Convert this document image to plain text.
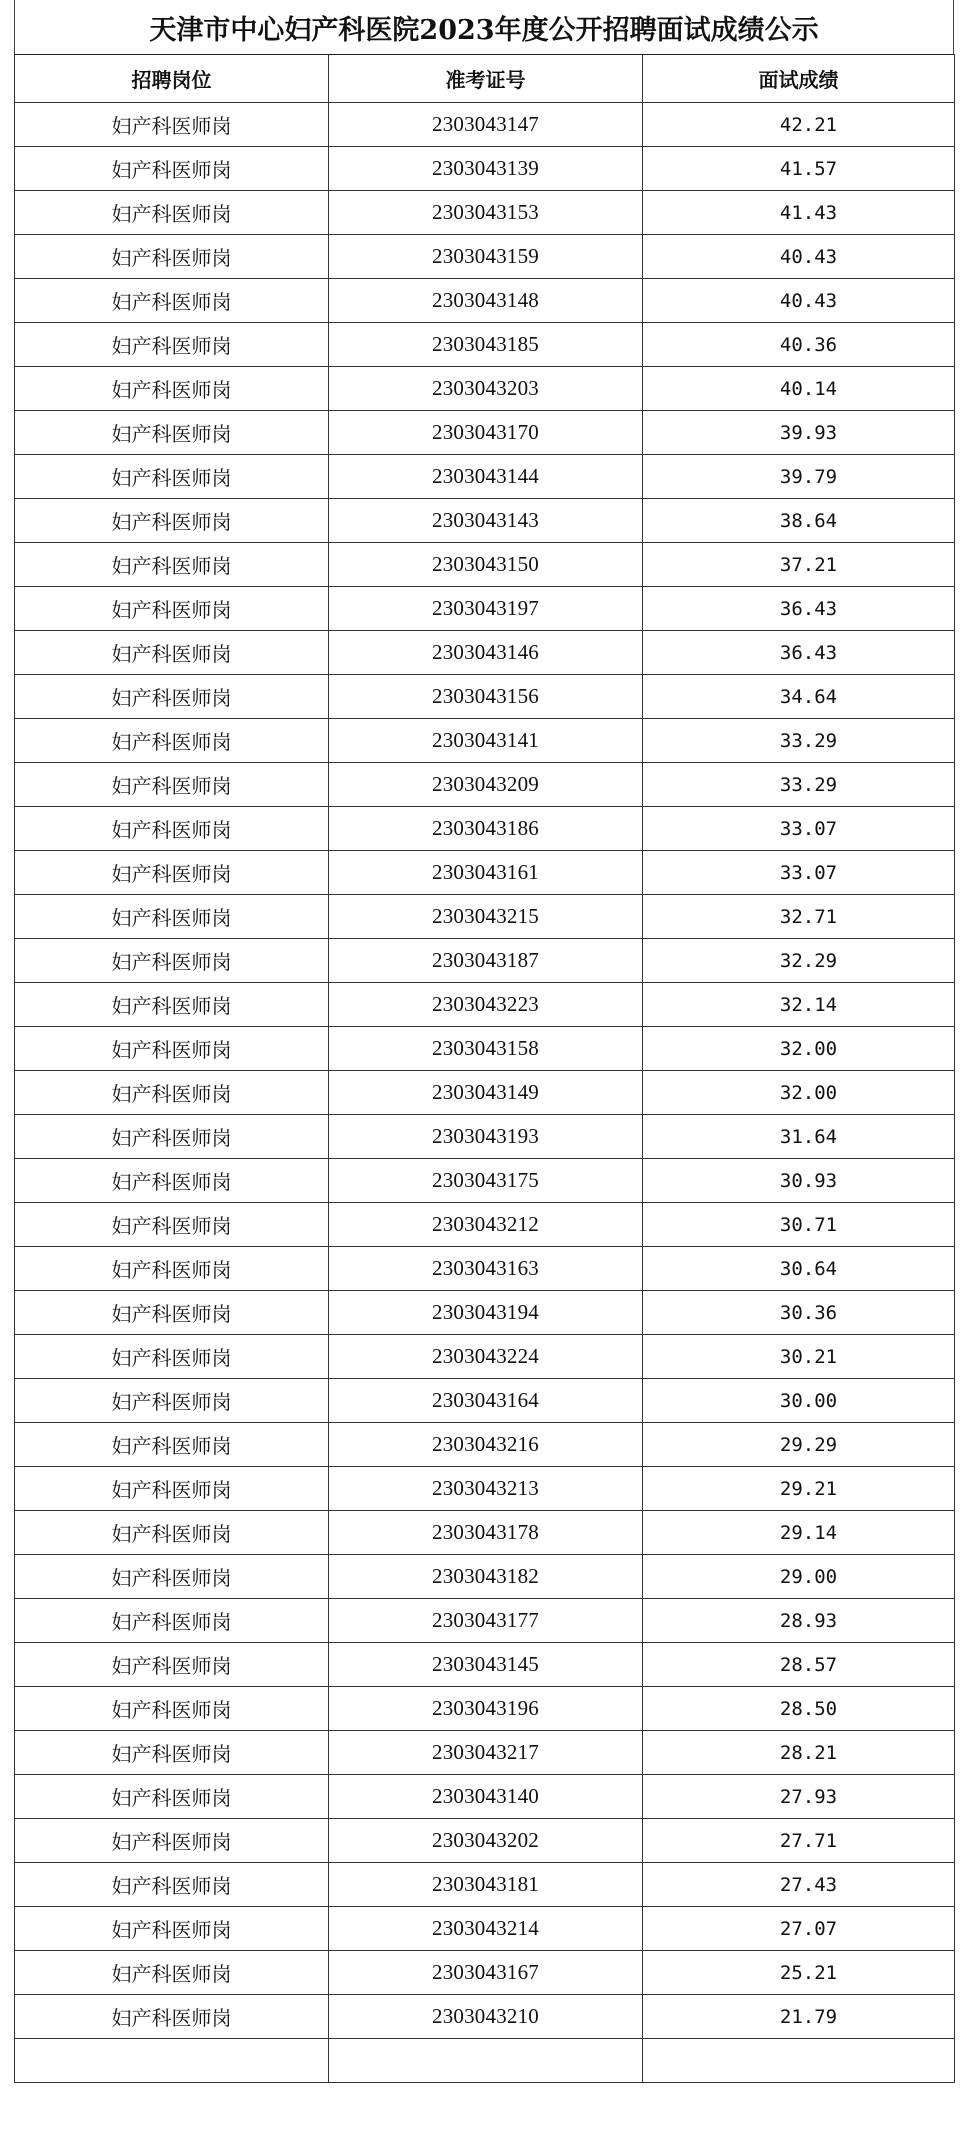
天津市中心妇产科医院2023年度公开招聘面试成绩公示
招聘岗位	准考证号	面试成绩
妇产科医师岗	2303043147	42.21
妇产科医师岗	2303043139	41.57
妇产科医师岗	2303043153	41.43
妇产科医师岗	2303043159	40.43
妇产科医师岗	2303043148	40.43
妇产科医师岗	2303043185	40.36
妇产科医师岗	2303043203	40.14
妇产科医师岗	2303043170	39.93
妇产科医师岗	2303043144	39.79
妇产科医师岗	2303043143	38.64
妇产科医师岗	2303043150	37.21
妇产科医师岗	2303043197	36.43
妇产科医师岗	2303043146	36.43
妇产科医师岗	2303043156	34.64
妇产科医师岗	2303043141	33.29
妇产科医师岗	2303043209	33.29
妇产科医师岗	2303043186	33.07
妇产科医师岗	2303043161	33.07
妇产科医师岗	2303043215	32.71
妇产科医师岗	2303043187	32.29
妇产科医师岗	2303043223	32.14
妇产科医师岗	2303043158	32.00
妇产科医师岗	2303043149	32.00
妇产科医师岗	2303043193	31.64
妇产科医师岗	2303043175	30.93
妇产科医师岗	2303043212	30.71
妇产科医师岗	2303043163	30.64
妇产科医师岗	2303043194	30.36
妇产科医师岗	2303043224	30.21
妇产科医师岗	2303043164	30.00
妇产科医师岗	2303043216	29.29
妇产科医师岗	2303043213	29.21
妇产科医师岗	2303043178	29.14
妇产科医师岗	2303043182	29.00
妇产科医师岗	2303043177	28.93
妇产科医师岗	2303043145	28.57
妇产科医师岗	2303043196	28.50
妇产科医师岗	2303043217	28.21
妇产科医师岗	2303043140	27.93
妇产科医师岗	2303043202	27.71
妇产科医师岗	2303043181	27.43
妇产科医师岗	2303043214	27.07
妇产科医师岗	2303043167	25.21
妇产科医师岗	2303043210	21.79
